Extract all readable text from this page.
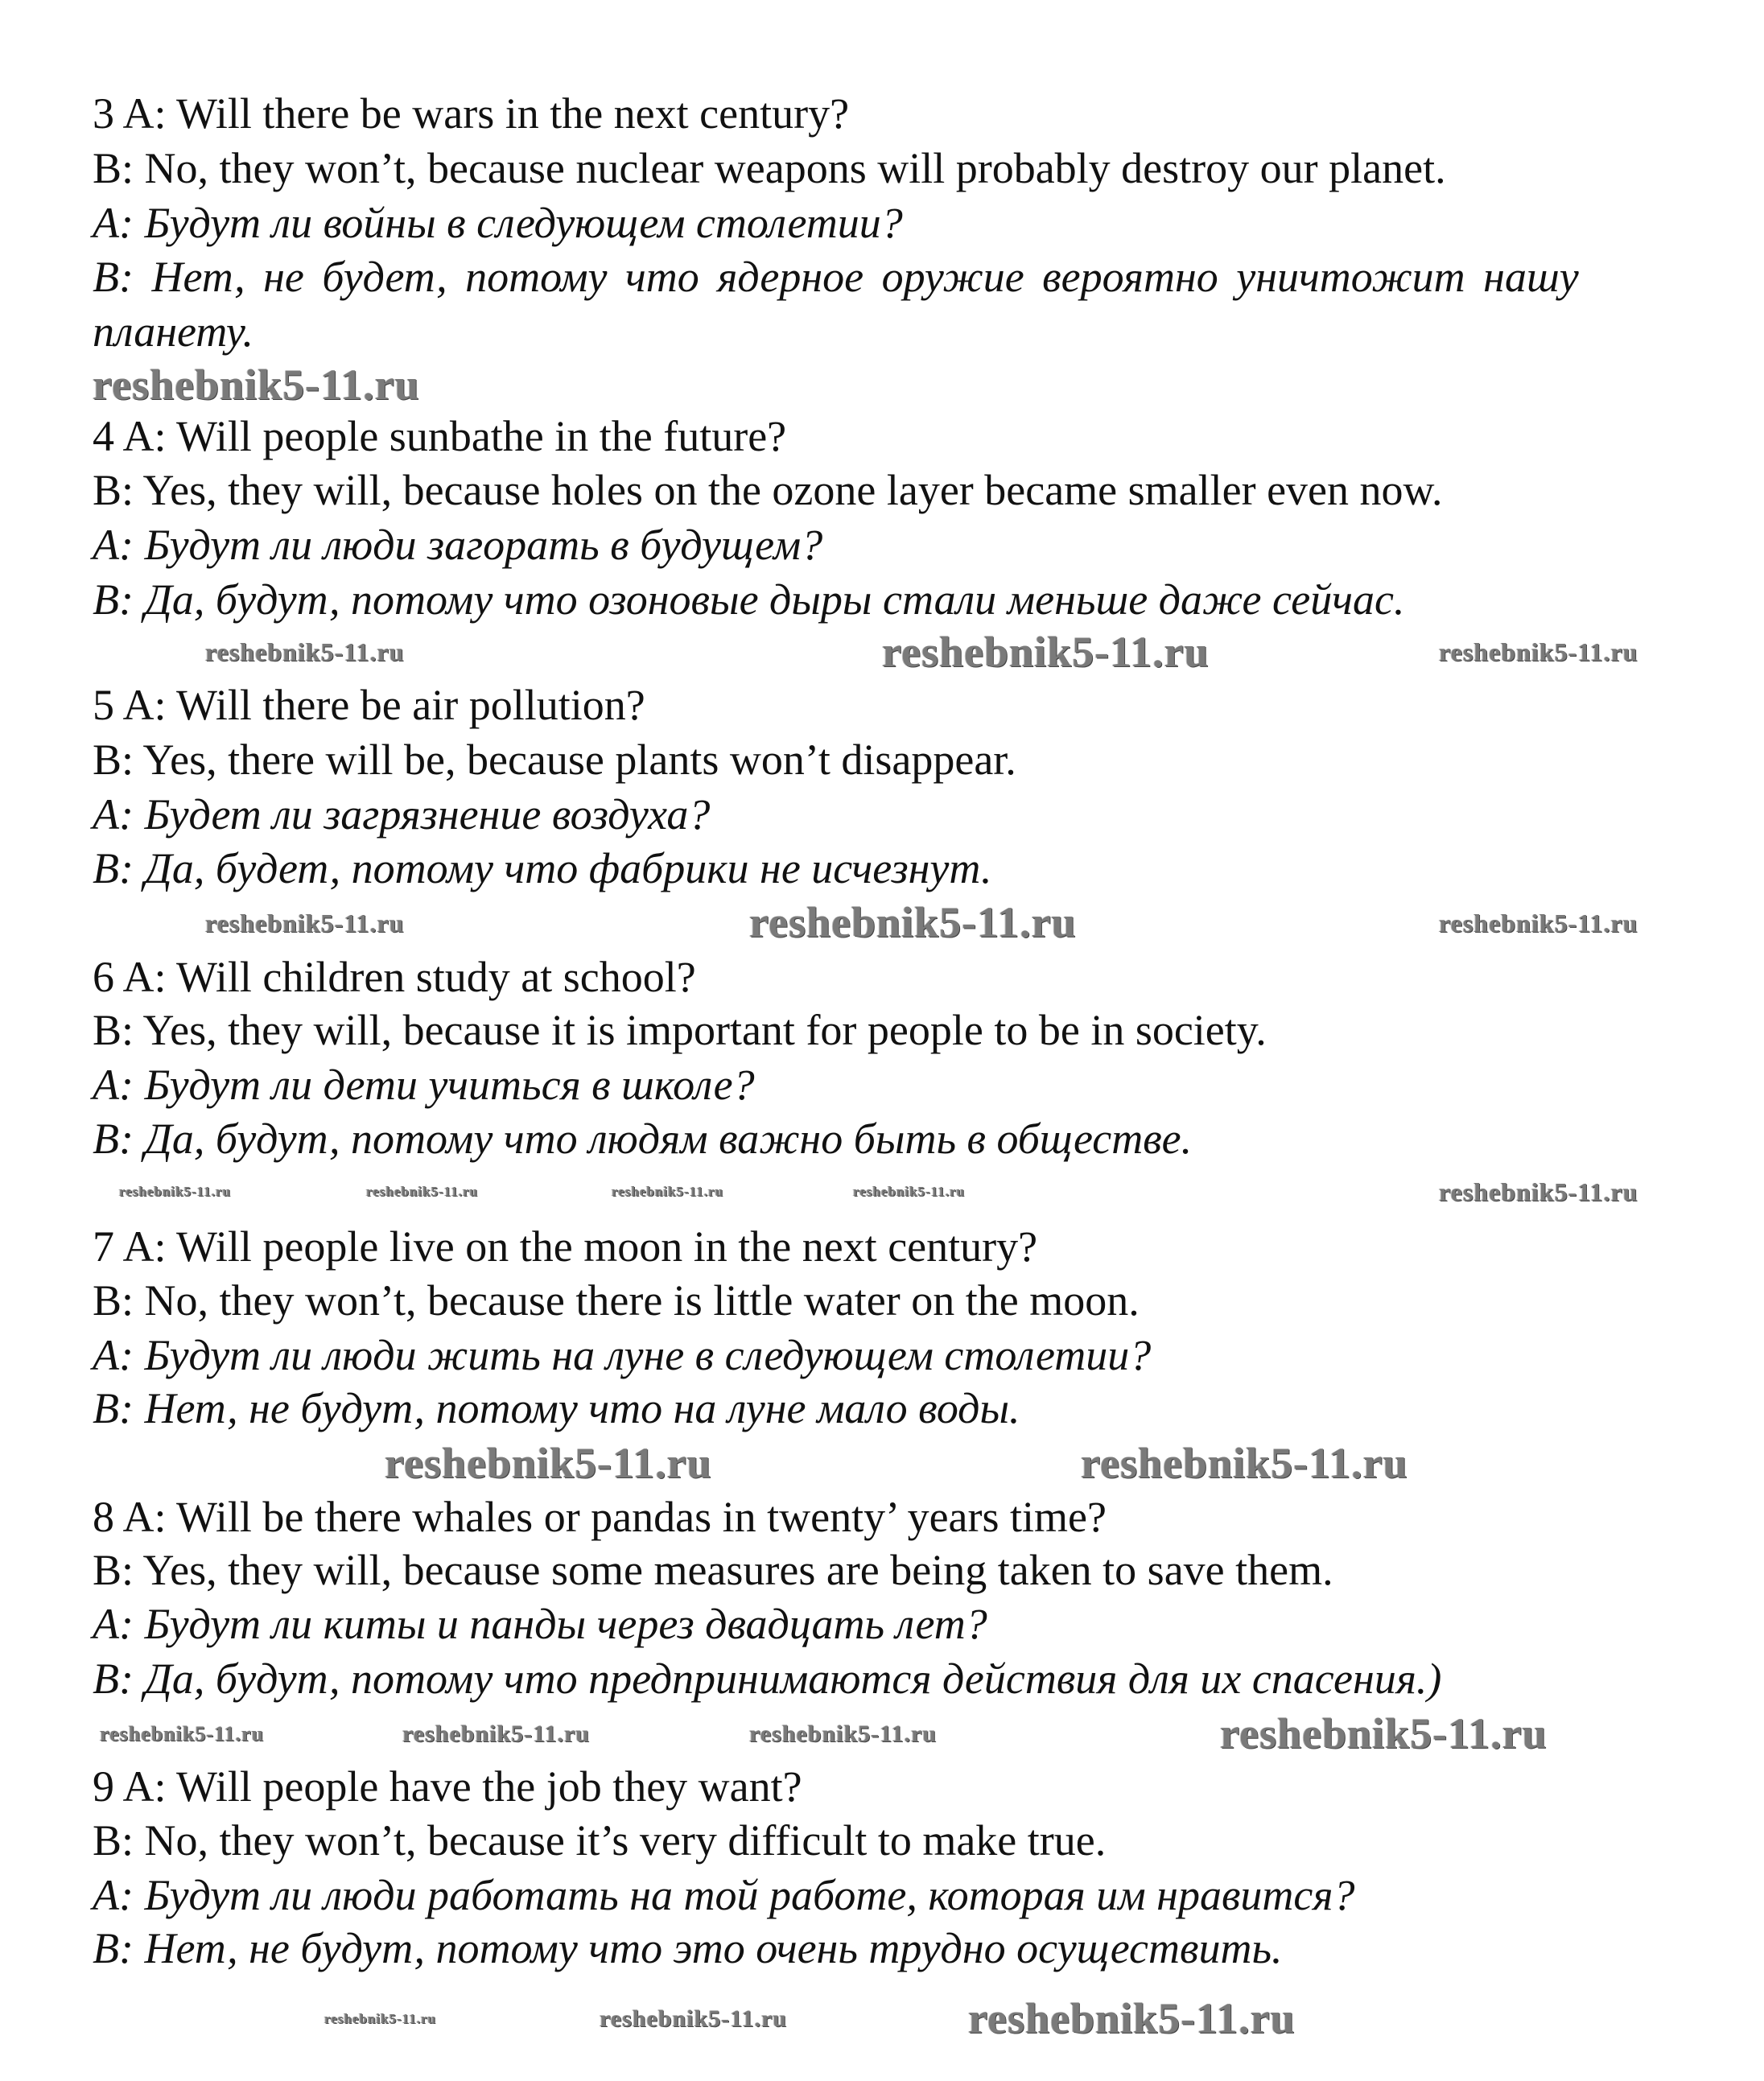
reshebnik5-11.ru
reshebnik5-11.ru
reshebnik5-11.ru	reshebnik5-11.ru
reshebnik5-11.ru
reshebnik5-11.ru	reshebnik5-11.ru
reshebnik5-11.ru
reshebnik5-11.ru	reshebnik5-11.ru	reshebnik5-11.ru	reshebnik5-11.ru
reshebnik5-11.ru	reshebnik5-11.ru
reshebnik5-11.ru
reshebnik5-11.ru	reshebnik5-11.ru	reshebnik5-11.ru
reshebnik5-11.ru
reshebnik5-11.ru
reshebnik5-11.ru
3 A: Will there be wars in the next century?
B: No, they won’t, because nuclear weapons will probably destroy our planet.
А: Будут ли войны в следующем столетии?
В: Нет, не будет, потому что ядерное оружие вероятно уничтожит нашу
планету.
4 A: Will people sunbathe in the future?
B: Yes, they will, because holes on the ozone layer became smaller even now.
А: Будут ли люди загорать в будущем?
В: Да, будут, потому что озоновые дыры стали меньше даже сейчас.
5 A: Will there be air pollution?
B: Yes, there will be, because plants won’t disappear.
А: Будет ли загрязнение воздуха?
В: Да, будет, потому что фабрики не исчезнут.
6 A: Will children study at school?
B: Yes, they will, because it is important for people to be in society.
А: Будут ли дети учиться в школе?
В: Да, будут, потому что людям важно быть в обществе.
7 A: Will people live on the moon in the next century?
B: No, they won’t, because there is little water on the moon.
А: Будут ли люди жить на луне в следующем столетии?
В: Нет, не будут, потому что на луне мало воды.
8 A: Will be there whales or pandas in twenty’ years time?
B: Yes, they will, because some measures are being taken to save them.
А: Будут ли киты и панды через двадцать лет?
В: Да, будут, потому что предпринимаются действия для их спасения.)
9 A: Will people have the job they want?
B: No, they won’t, because it’s very difficult to make true.
А: Будут ли люди работать на той работе, которая им нравится?
В: Нет, не будут, потому что это очень трудно осуществить.
